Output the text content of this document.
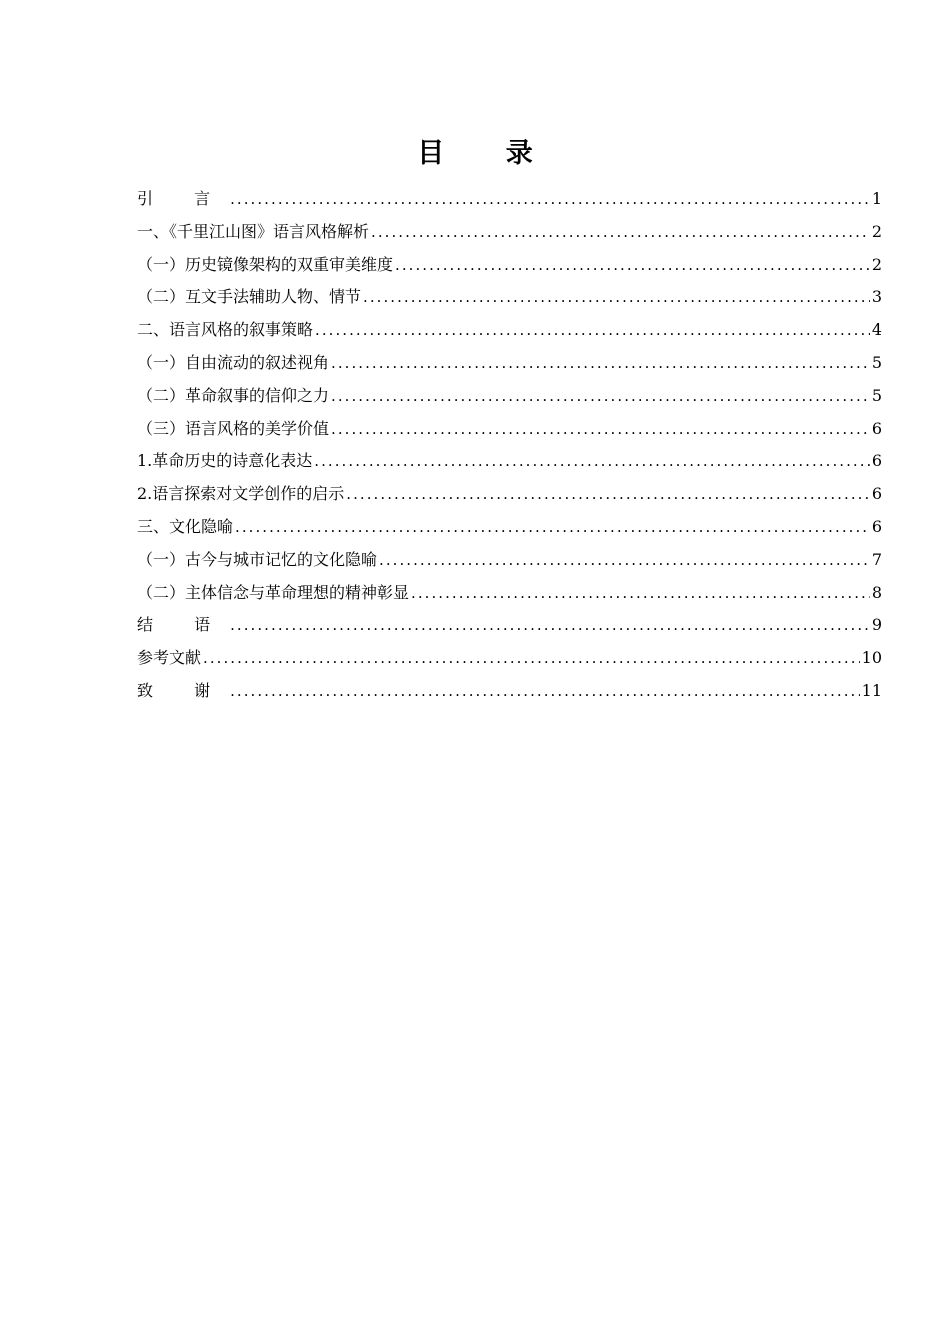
目 录
引 言 .....	1
一、《千里江山图》语言风格解析 .....	2
（一）历史镜像架构的双重审美维度 .....	2
（二）互文手法辅助人物、情节 .....	3
二、语言风格的叙事策略 .....	4
（一）自由流动的叙述视角 .....	5
（二）革命叙事的信仰之力 .....	5
（三）语言风格的美学价值 .....	6
1.革命历史的诗意化表达 .....	6
2.语言探索对文学创作的启示 .....	6
三、文化隐喻 .....	6
（一）古今与城市记忆的文化隐喻 .....	7
（二）主体信念与革命理想的精神彰显 .....	8
结 语 .....	9
参考文献 .....	10
致 谢 .....	11
